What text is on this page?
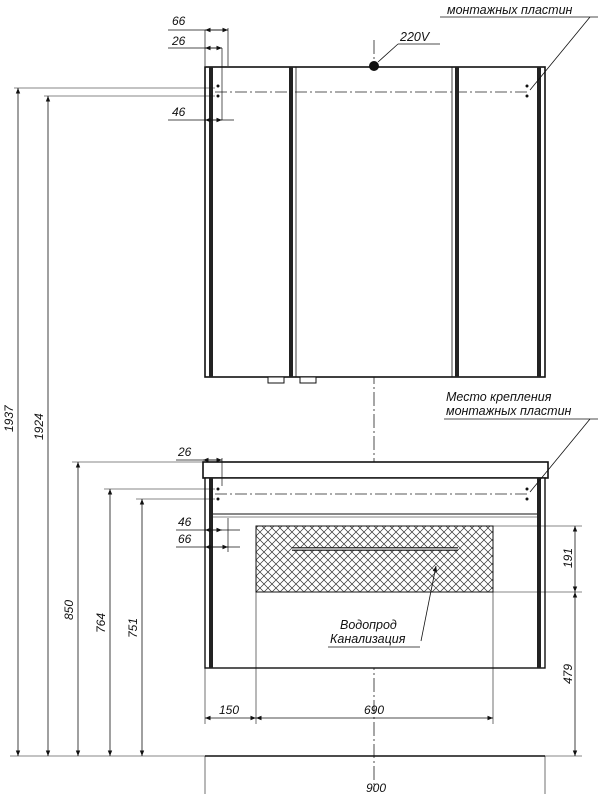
220V
монтажных пластин
66
26
46
1937 1924
Водопрод
Канализация
Место крепления
монтажных пластин
26
46
66
850
764 751
191
479
150	690
900
